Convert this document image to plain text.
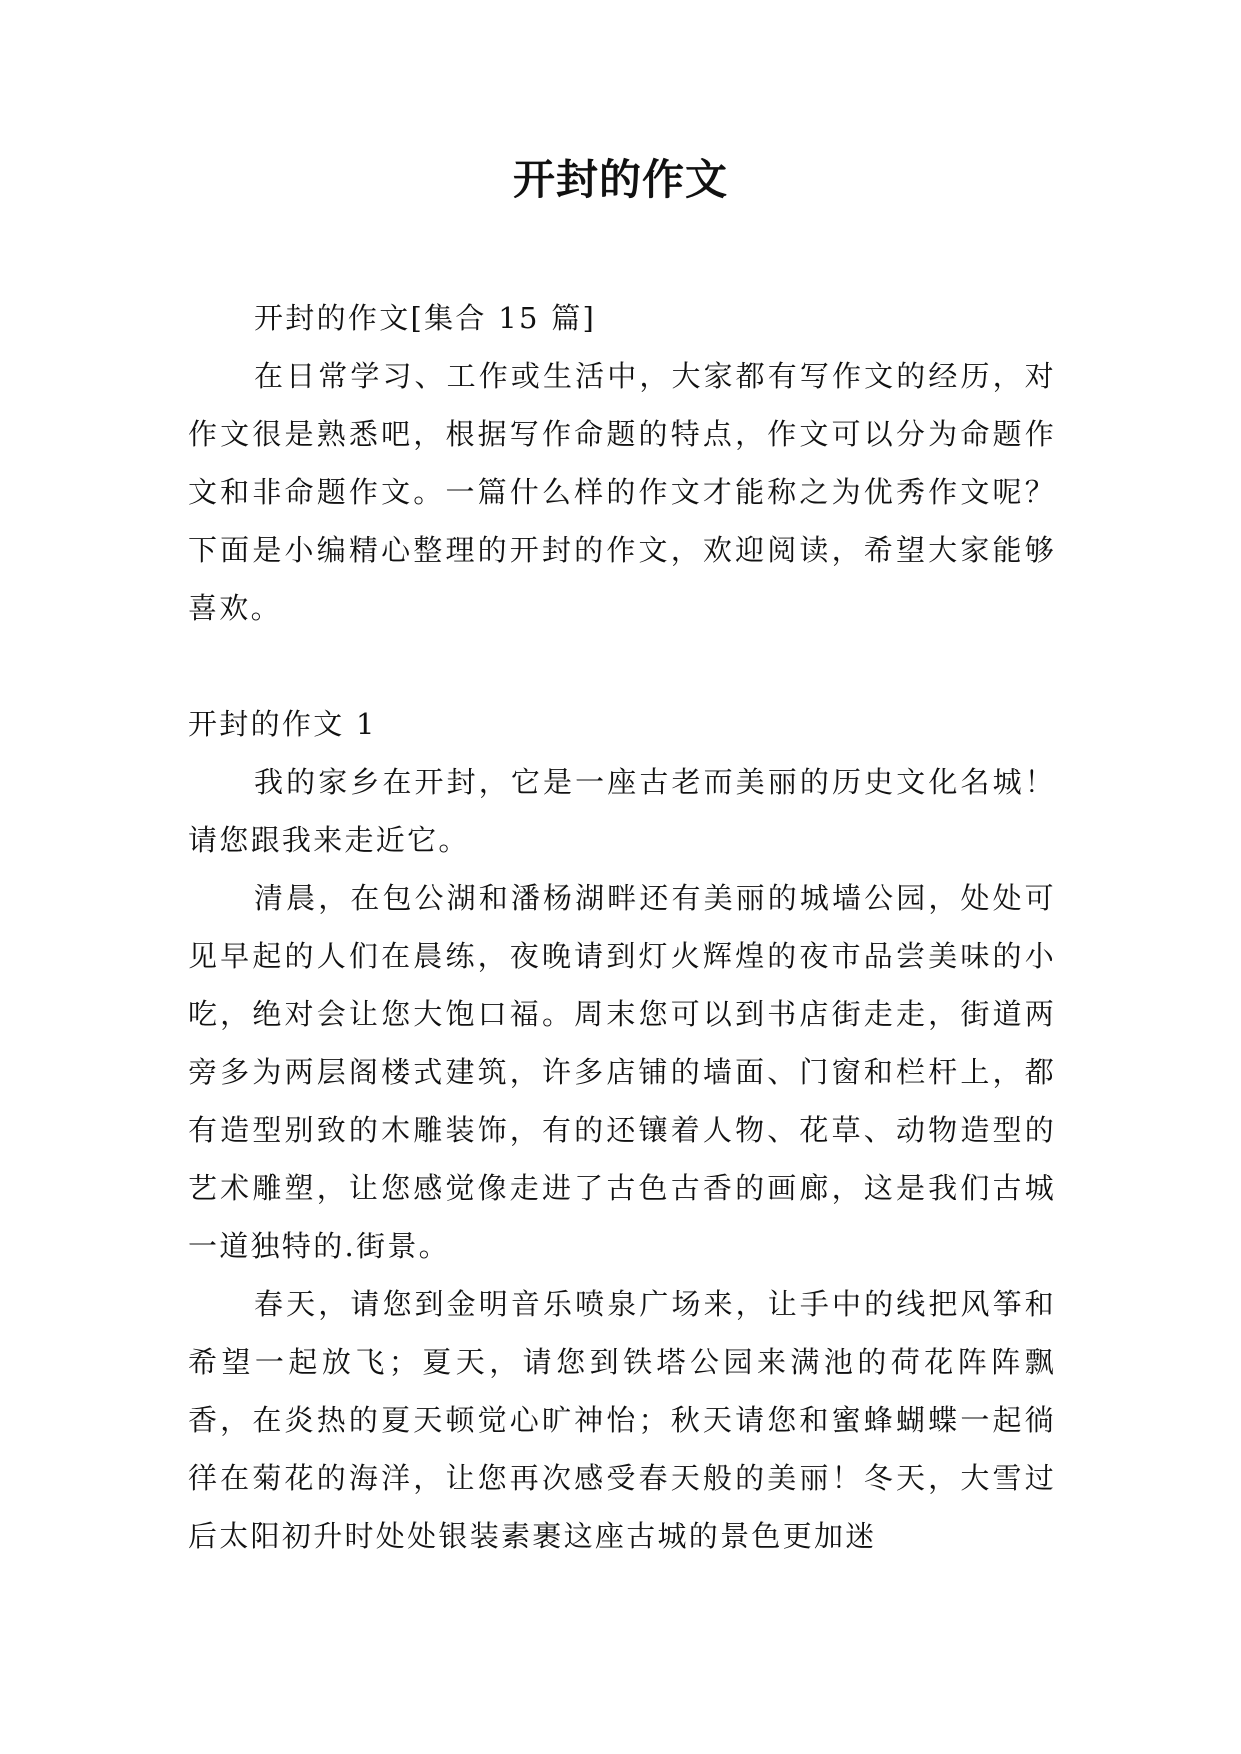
开封的作文

开封的作文[集合 15 篇]

在日常学习、工作或生活中，大家都有写作文的经历，对作文很是熟悉吧，根据写作命题的特点，作文可以分为命题作文和非命题作文。一篇什么样的作文才能称之为优秀作文呢？下面是小编精心整理的开封的作文，欢迎阅读，希望大家能够喜欢。

开封的作文 1

我的家乡在开封，它是一座古老而美丽的历史文化名城！请您跟我来走近它。

清晨，在包公湖和潘杨湖畔还有美丽的城墙公园，处处可见早起的人们在晨练，夜晚请到灯火辉煌的夜市品尝美味的小吃，绝对会让您大饱口福。周末您可以到书店街走走，街道两旁多为两层阁楼式建筑，许多店铺的墙面、门窗和栏杆上，都有造型别致的木雕装饰，有的还镶着人物、花草、动物造型的艺术雕塑，让您感觉像走进了古色古香的画廊，这是我们古城一道独特的.街景。

春天，请您到金明音乐喷泉广场来，让手中的线把风筝和希望一起放飞；夏天，请您到铁塔公园来满池的荷花阵阵飘香，在炎热的夏天顿觉心旷神怡；秋天请您和蜜蜂蝴蝶一起徜徉在菊花的海洋，让您再次感受春天般的美丽！冬天，大雪过后太阳初升时处处银装素裹这座古城的景色更加迷
